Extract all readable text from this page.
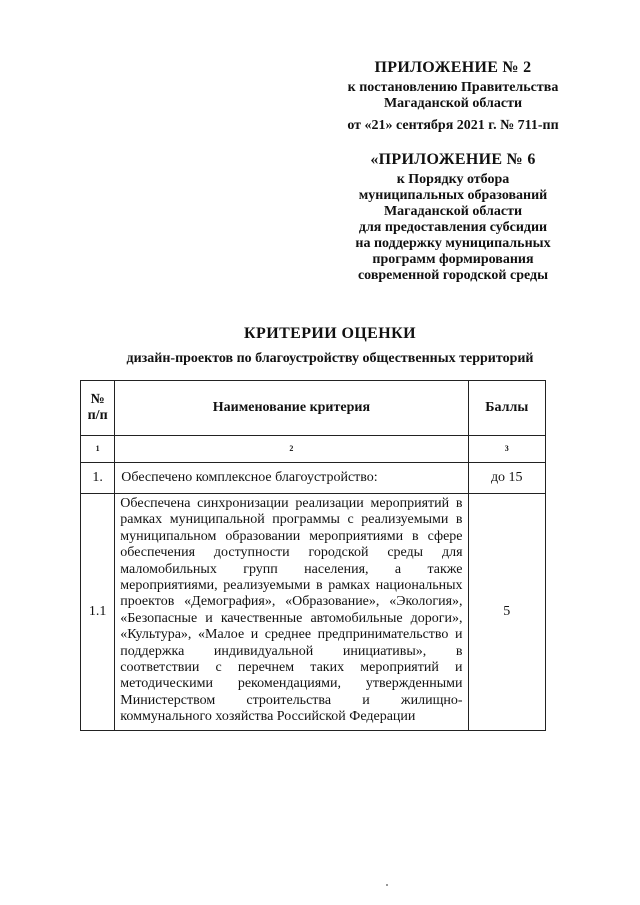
ПРИЛОЖЕНИЕ № 2
к постановлению Правительства
Магаданской области
от «21» сентября 2021 г. № 711-пп
«ПРИЛОЖЕНИЕ № 6
к Порядку отбора
муниципальных образований
Магаданской области
для предоставления субсидии
на поддержку муниципальных
программ формирования
современной городской среды
КРИТЕРИИ ОЦЕНКИ
дизайн-проектов по благоустройству общественных территорий
№
п/п	Наименование критерия	Баллы
1	2	3
1.	Обеспечено комплексное благоустройство:	до 15
1.1	Обеспечена синхронизации реализации мероприятий в рамках муниципальной программы с реализуемыми в муниципальном образовании мероприятиями в сфере обеспечения доступности городской среды для маломобильных групп населения, а также мероприятиями, реализуемыми в рамках национальных проектов «Демография», «Образование», «Экология», «Безопасные и качественные автомобильные дороги», «Культура», «Малое и среднее предпринимательство и поддержка индивидуальной инициативы», в соответствии с перечнем таких мероприятий и методическими рекомендациями, утвержденными Министерством строительства и жилищно-коммунального хозяйства Российской Федерации	5
